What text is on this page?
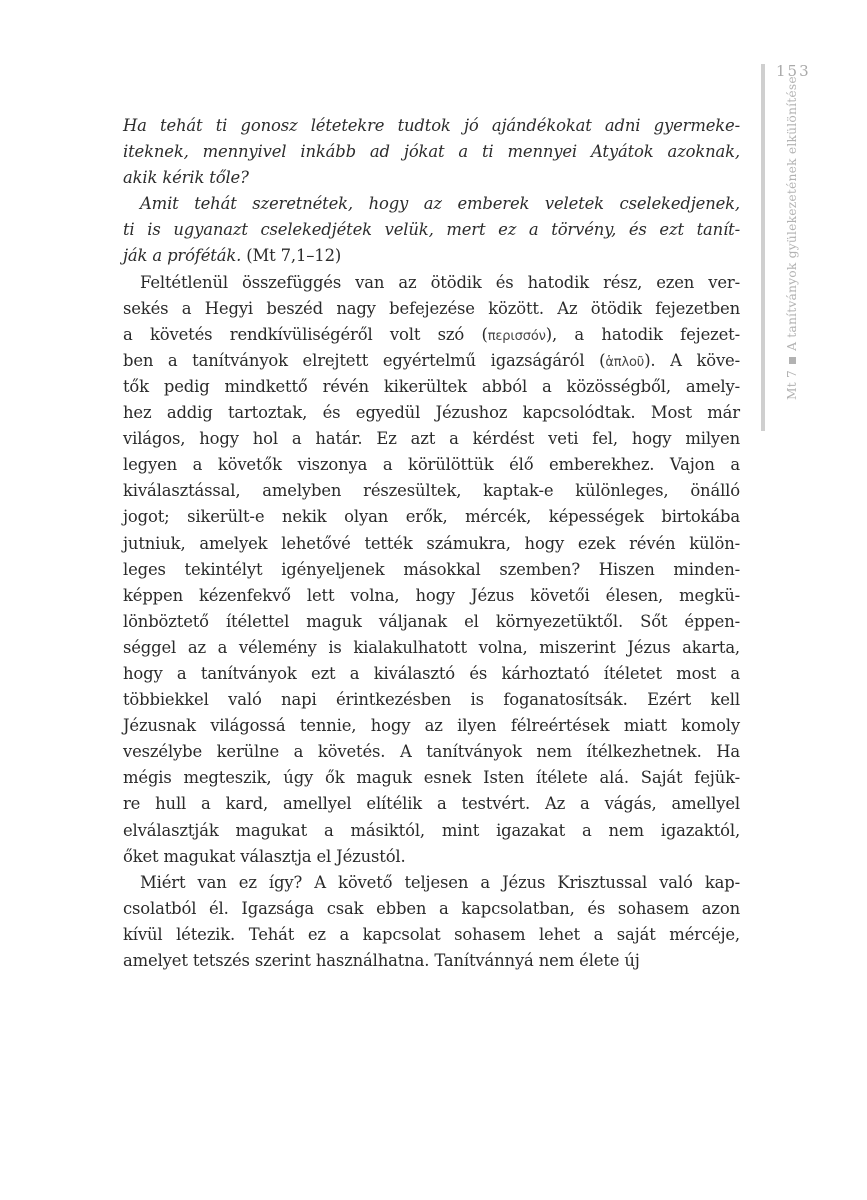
153
Mt 7A tanítványok gyülekezetének elkülönítése
Ha tehát ti gonosz létetekre tudtok jó ajándékokat adni gyermeke-
iteknek, mennyivel inkább ad jókat a ti mennyei Atyátok azoknak,
akik kérik tőle?
Amit tehát szeretnétek, hogy az emberek veletek cselekedjenek,
ti is ugyanazt cselekedjétek velük, mert ez a törvény, és ezt tanít-
ják a próféták. (Mt 7,1–12)
Feltétlenül összefüggés van az ötödik és hatodik rész, ezen ver-
sekés a Hegyi beszéd nagy befejezése között. Az ötödik fejezetben
a követés rendkívüliségéről volt szó (περισσόν), a hatodik fejezet-
ben a tanítványok elrejtett egyértelmű igazságáról (ἁπλοῦ). A köve-
tők pedig mindkettő révén kikerültek abból a közösségből, amely-
hez addig tartoztak, és egyedül Jézushoz kapcsolódtak. Most már
világos, hogy hol a határ. Ez azt a kérdést veti fel, hogy milyen
legyen a követők viszonya a körülöttük élő emberekhez. Vajon a
kiválasztással, amelyben részesültek, kaptak-e különleges, önálló
jogot; sikerült-e nekik olyan erők, mércék, képességek birtokába
jutniuk, amelyek lehetővé tették számukra, hogy ezek révén külön-
leges tekintélyt igényeljenek másokkal szemben? Hiszen minden-
képpen kézenfekvő lett volna, hogy Jézus követői élesen, megkü-
lönböztető ítélettel maguk váljanak el környezetüktől. Sőt éppen-
séggel az a vélemény is kialakulhatott volna, miszerint Jézus akarta,
hogy a tanítványok ezt a kiválasztó és kárhoztató ítéletet most a
többiekkel való napi érintkezésben is foganatosítsák. Ezért kell
Jézusnak világossá tennie, hogy az ilyen félreértések miatt komoly
veszélybe kerülne a követés. A tanítványok nem ítélkezhetnek. Ha
mégis megteszik, úgy ők maguk esnek Isten ítélete alá. Saját fejük-
re hull a kard, amellyel elítélik a testvért. Az a vágás, amellyel
elválasztják magukat a másiktól, mint igazakat a nem igazaktól,
őket magukat választja el Jézustól.
Miért van ez így? A követő teljesen a Jézus Krisztussal való kap-
csolatból él. Igazsága csak ebben a kapcsolatban, és sohasem azon
kívül létezik. Tehát ez a kapcsolat sohasem lehet a saját mércéje,
amelyet tetszés szerint használhatna. Tanítvánnyá nem élete új
